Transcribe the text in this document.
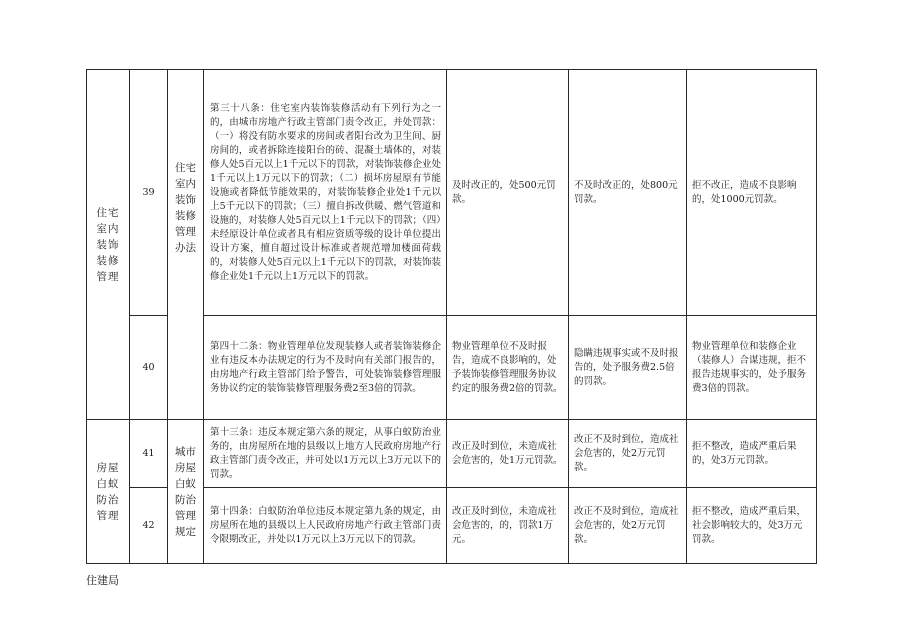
住宅室内装饰装修管理	39	住宅室内装饰装修管理办法	第三十八条：住宅室内装饰装修活动有下列行为之一的，由城市房地产行政主管部门责令改正，并处罚款：（一）将没有防水要求的房间或者阳台改为卫生间、厨房间的，或者拆除连接阳台的砖、混凝土墙体的，对装修人处5百元以上1千元以下的罚款，对装饰装修企业处1千元以上1万元以下的罚款；（二）损坏房屋原有节能设施或者降低节能效果的，对装饰装修企业处1千元以上5千元以下的罚款；（三）擅自拆改供暖、燃气管道和设施的，对装修人处5百元以上1千元以下的罚款；（四）未经原设计单位或者具有相应资质等级的设计单位提出设计方案，擅自超过设计标准或者规范增加楼面荷载的，对装修人处5百元以上1千元以下的罚款，对装饰装修企业处1千元以上1万元以下的罚款。	及时改正的，处500元罚款。	不及时改正的，处800元罚款。	拒不改正，造成不良影响的，处1000元罚款。
	40		第四十二条：物业管理单位发现装修人或者装饰装修企业有违反本办法规定的行为不及时向有关部门报告的，由房地产行政主管部门给予警告，可处装饰装修管理服务协议约定的装饰装修管理服务费2至3倍的罚款。	物业管理单位不及时报告，造成不良影响的，处予装饰装修管理服务协议约定的服务费2倍的罚款。	隐瞒违规事实或不及时报告的，处予服务费2.5倍的罚款。	物业管理单位和装修企业（装修人）合谋违规，拒不报告违规事实的，处予服务费3倍的罚款。

房屋白蚁防治管理	41	城市房屋白蚁防治管理规定	第十三条：违反本规定第六条的规定，从事白蚁防治业务的，由房屋所在地的县级以上地方人民政府房地产行政主管部门责令改正，并可处以1万元以上3万元以下的罚款。	改正及时到位，未造成社会危害的，处1万元罚款。	改正不及时到位，造成社会危害的，处2万元罚款。	拒不整改，造成严重后果的，处3万元罚款。
	42		第十四条：白蚁防治单位违反本规定第九条的规定，由房屋所在地的县级以上人民政府房地产行政主管部门责令限期改正，并处以1万元以上3万元以下的罚款。	改正及时到位，未造成社会危害的，的，罚款1万元。	改正不及时到位，造成社会危害的，处2万元罚款。	拒不整改，造成严重后果，社会影响较大的，处3万元罚款。
住建局
